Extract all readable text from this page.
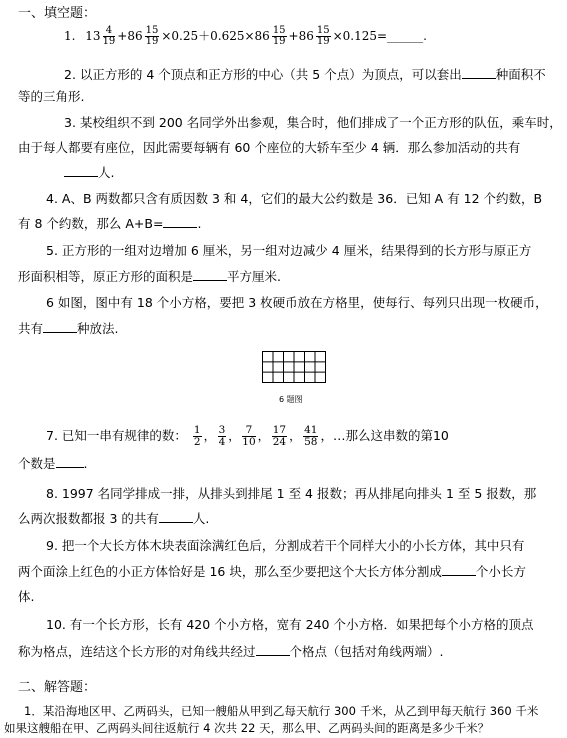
一、填空题：
1. $13 \frac{4}{19} +86 \frac{15}{19} \times 0.25+0.625\times 86 \frac{15}{19} +86 \frac{15}{19}$ ×0.125=______.
2. 以正方形的 4 个顶点和正方形的中心（共 5 个点）为顶点，可以套出	种面积不
等的三角形.
3. 某校组织不到 200 名同学外出参观，集合时，他们排成了一个正方形的队伍，乘车时，
由于每人都要有座位，因此需要每辆有 60 个座位的大轿车至少 4 辆．那么参加活动的共有
人.
4. A、B 两数都只含有质因数 3 和 4，它们的最大公约数是 36．已知 A 有 12 个约数，B
有 8 个约数，那么 A+B=	.
5. 正方形的一组对边增加 6 厘米，另一组对边减少 4 厘米，结果得到的长方形与原正方
形面积相等，原正方形的面积是	平方厘米.
6 如图，图中有 18 个小方格，要把 3 枚硬币放在方格里，使每行、每列只出现一枚硬币，
共有	种放法.
6 题图
7. 已知一串有规律的数： $\frac{1}{2}$ ， $\frac{3}{4}$ ， $\frac{7}{10}$ ， $\frac{17}{24}$ ， $\frac{41}{58}$ ，…那么这串数的第10
个数是 .
8. 1997 名同学排成一排，从排头到排尾 1 至 4 报数；再从排尾向排头 1 至 5 报数，那
么两次报数都报 3 的共有	人.
9. 把一个大长方体木块表面涂满红色后，分割成若干个同样大小的小长方体，其中只有
两个面涂上红色的小正方体恰好是 16 块，那么至少要把这个大长方体分割成	个小长方
体.
10. 有一个长方形，长有 420 个小方格，宽有 240 个小方格．如果把每个小方格的顶点
称为格点，连结这个长方形的对角线共经过	个格点（包括对角线两端）.
二、解答题：
1．某沿海地区甲、乙两码头，已知一艘船从甲到乙每天航行 300 千米，从乙到甲每天航行 360 千米
如果这艘船在甲、乙两码头间往返航行 4 次共 22 天，那么甲、乙两码头间的距离是多少千米？
